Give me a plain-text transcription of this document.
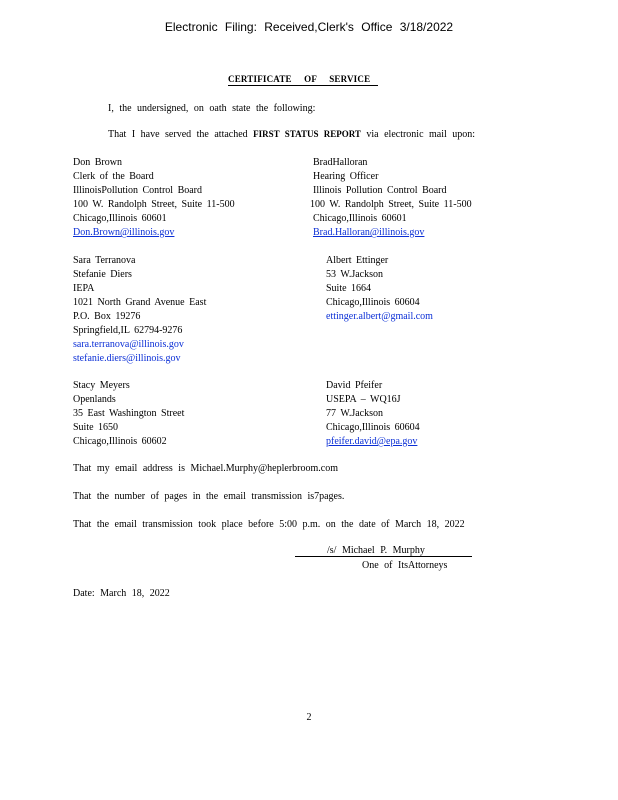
Electronic Filing: Received,Clerk's Office 3/18/2022
CERTIFICATE OF SERVICE
I, the undersigned, on oath state the following:
That I have served the attached FIRST STATUS REPORT via electronic mail upon:
Don Brown
Clerk of the Board
IllinoisPollution Control Board
100 W. Randolph Street, Suite 11-500
Chicago,Illinois 60601
Don.Brown@illinois.gov
BradHalloran
Hearing Officer
Illinois Pollution Control Board
100 W. Randolph Street, Suite 11-500
Chicago,Illinois 60601
Brad.Halloran@illinois.gov
Sara Terranova
Stefanie Diers
IEPA
1021 North Grand Avenue East
P.O. Box 19276
Springfield,IL 62794-9276
sara.terranova@illinois.gov
stefanie.diers@illinois.gov
Albert Ettinger
53 W.Jackson
Suite 1664
Chicago,Illinois 60604
ettinger.albert@gmail.com
Stacy Meyers
Openlands
35 East Washington Street
Suite 1650
Chicago,Illinois 60602
David Pfeifer
USEPA – WQ16J
77 W.Jackson
Chicago,Illinois 60604
pfeifer.david@epa.gov
That my email address is Michael.Murphy@heplerbroom.com
That the number of pages in the email transmission is7pages.
That the email transmission took place before 5:00 p.m. on the date of March 18, 2022
/s/ Michael P. Murphy
One of ItsAttorneys
Date: March 18, 2022
2
